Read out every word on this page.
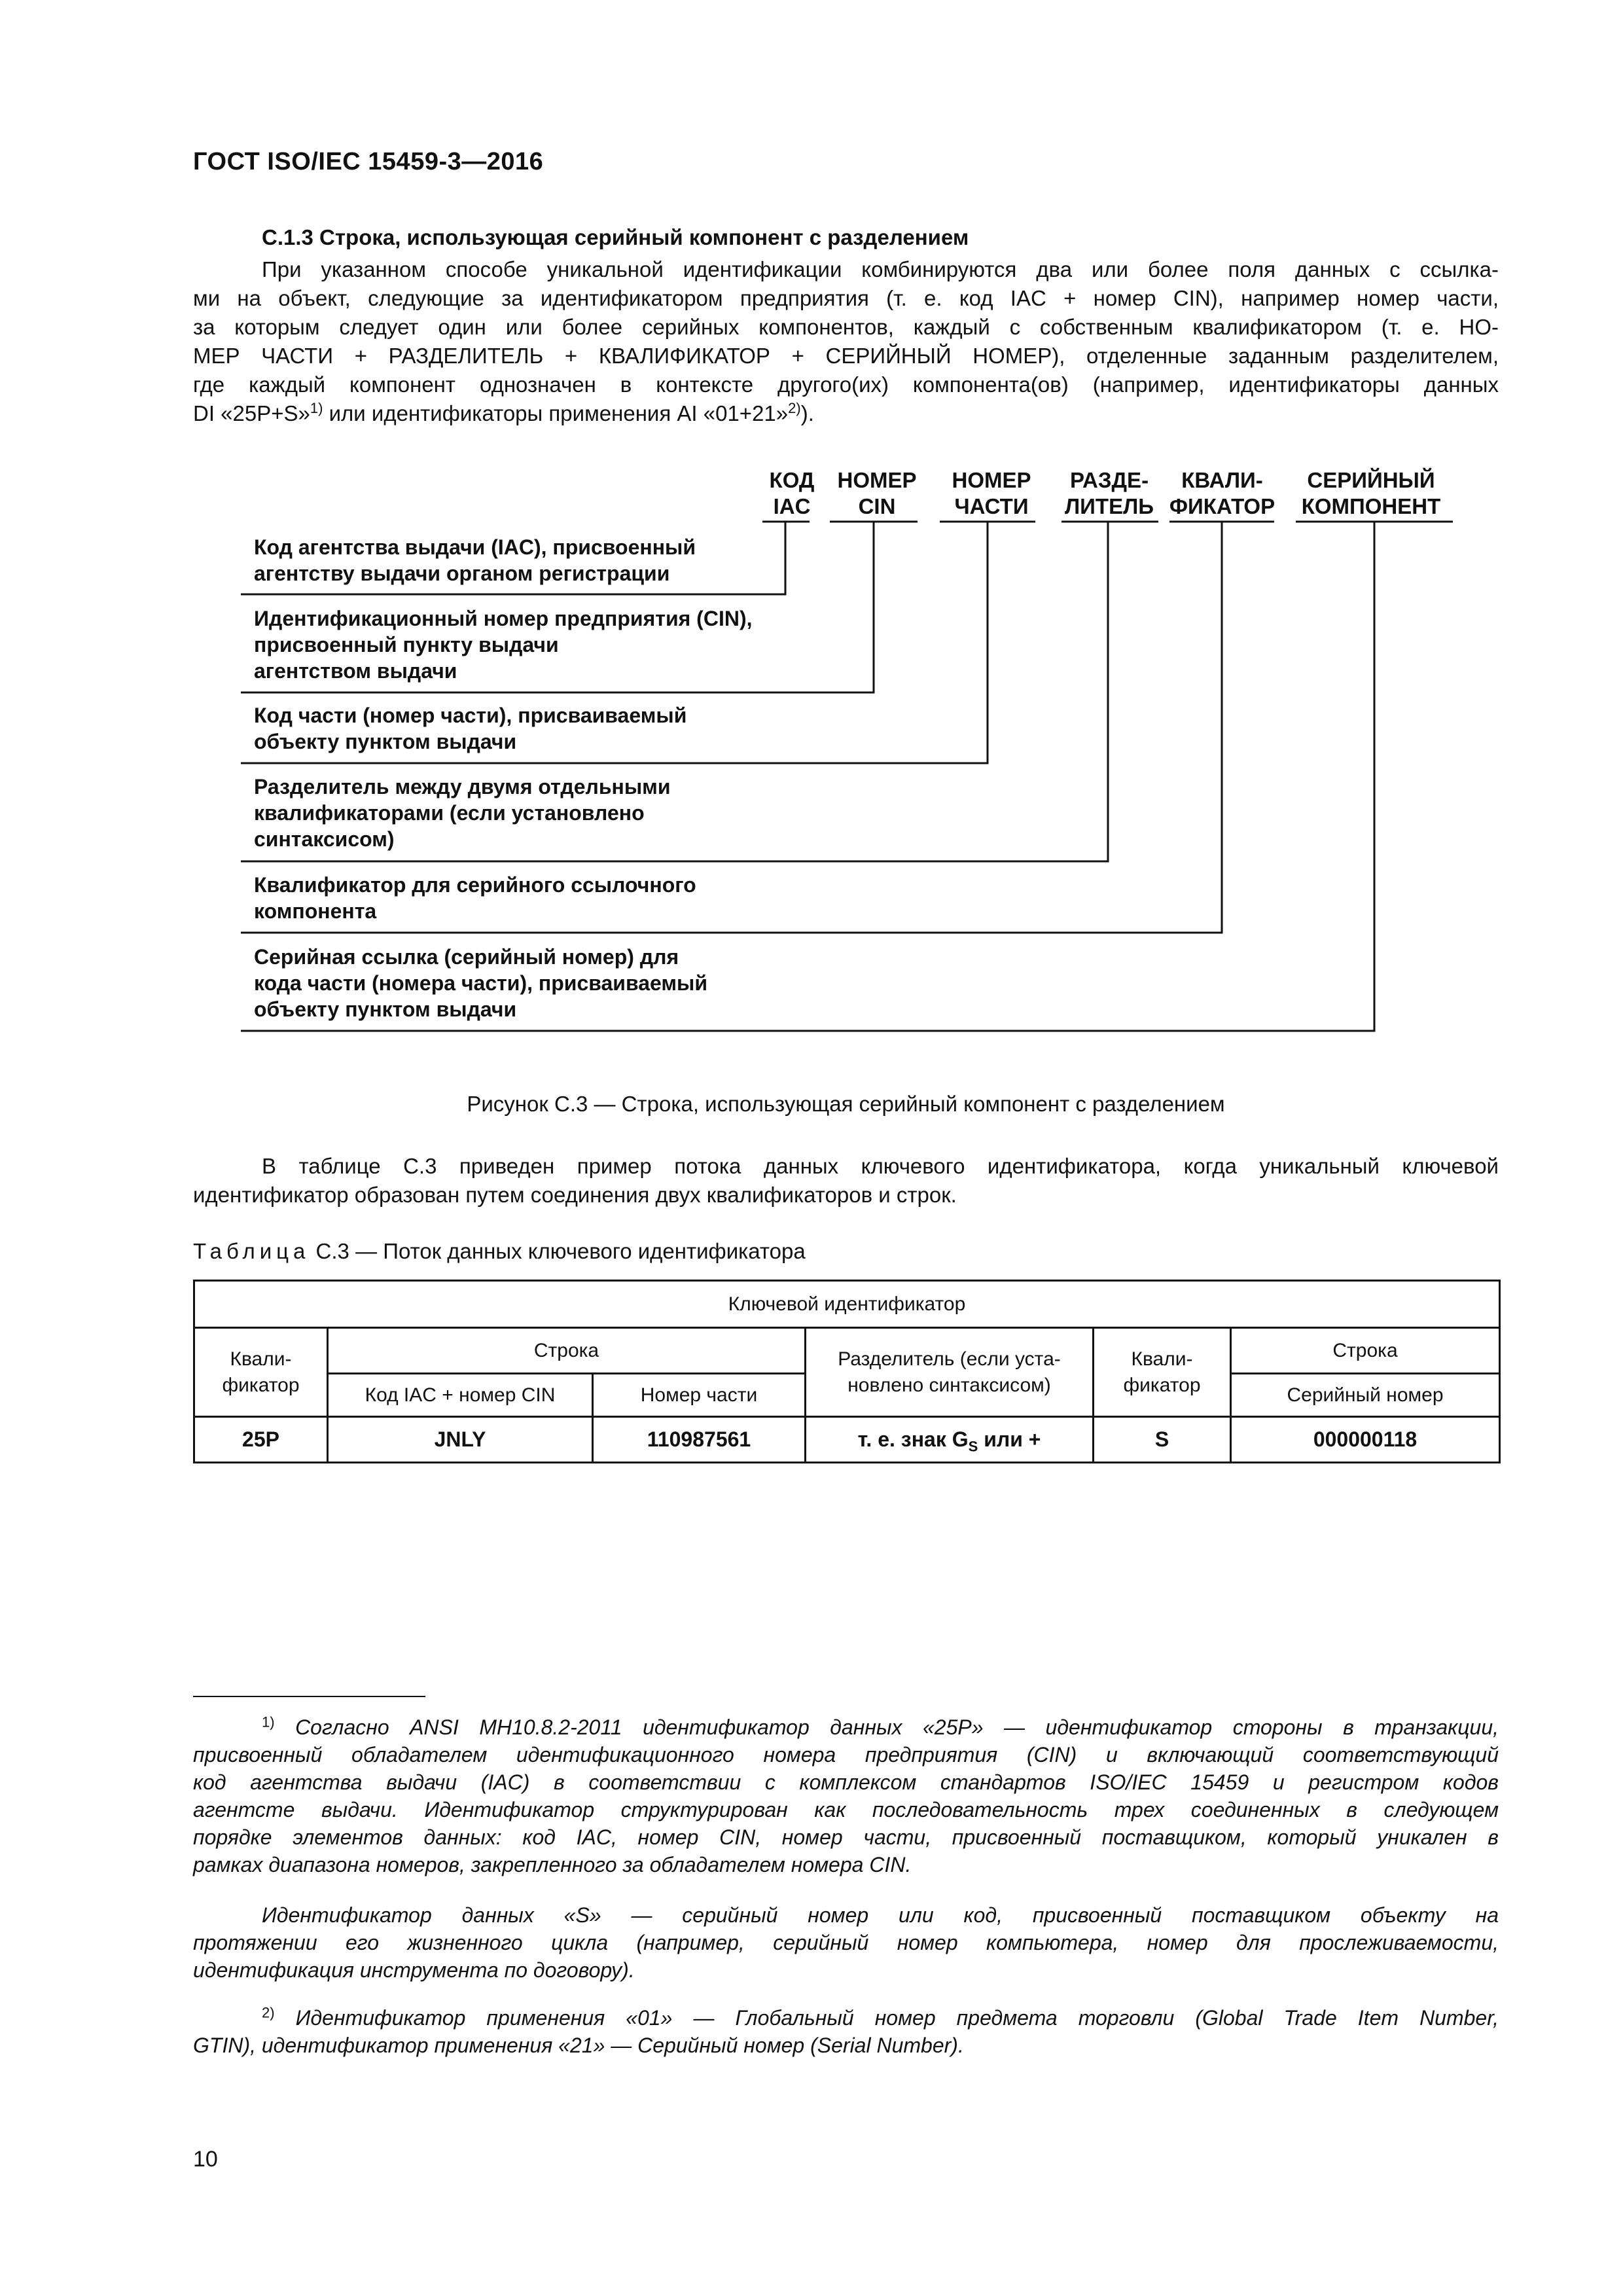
ГОСТ ISO/IEC 15459-3—2016
С.1.3 Строка, использующая серийный компонент с разделением
При указанном способе уникальной идентификации комбинируются два или более поля данных с ссылка-
ми на объект, следующие за идентификатором предприятия (т. е. код IAC + номер CIN), например номер части,
за которым следует один или более серийных компонентов, каждый с собственным квалификатором (т. е. НО-
МЕР ЧАСТИ + РАЗДЕЛИТЕЛЬ + КВАЛИФИКАТОР + СЕРИЙНЫЙ НОМЕР), отделенные заданным разделителем,
где каждый компонент однозначен в контексте другого(их) компонента(ов) (например, идентификаторы данных
DI «25P+S»$^{1)}$ или идентификаторы применения AI «01+21»$^{2)}$).
КОД
IAC
НОМЕР
CIN
НОМЕР
ЧАСТИ
РАЗДЕ-
ЛИТЕЛЬ
КВАЛИ-
ФИКАТОР
СЕРИЙНЫЙ
КОМПОНЕНТ
Код агентства выдачи (IAC), присвоенный
агентству выдачи органом регистрации
Идентификационный номер предприятия (CIN),
присвоенный пункту выдачи
агентством выдачи
Код части (номер части), присваиваемый
объекту пунктом выдачи
Разделитель между двумя отдельными
квалификаторами (если установлено
синтаксисом)
Квалификатор для серийного ссылочного
компонента
Серийная ссылка (серийный номер) для
кода части (номера части), присваиваемый
объекту пунктом выдачи
Рисунок С.3 — Строка, использующая серийный компонент с разделением
В таблице С.3 приведен пример потока данных ключевого идентификатора, когда уникальный ключевой
идентификатор образован путем соединения двух квалификаторов и строк.
Таблица С.3 — Поток данных ключевого идентификатора
Ключевой идентификатор					
Квали-фикатор	Строка		Разделитель (если уста-новлено синтаксисом)	Квали-фикатор	Строка
	Код IAC + номер CIN	Номер части			Серийный номер
25P	JNLY	110987561	т. е. знак $G_S$ или +	S	000000118
$^{1)}$ Согласно ANSI MH10.8.2-2011 идентификатор данных «25P» — идентификатор стороны в транзакции,
присвоенный обладателем идентификационного номера предприятия (CIN) и включающий соответствующий
код агентства выдачи (IAC) в соответствии с комплексом стандартов ISO/IEC 15459 и регистром кодов
агентсте выдачи. Идентификатор структурирован как последовательность трех соединенных в следующем
порядке элементов данных: код IAC, номер CIN, номер части, присвоенный поставщиком, который уникален в
рамках диапазона номеров, закрепленного за обладателем номера CIN.
Идентификатор данных «S» — серийный номер или код, присвоенный поставщиком объекту на
протяжении его жизненного цикла (например, серийный номер компьютера, номер для прослеживаемости,
идентификация инструмента по договору).
$^{2)}$ Идентификатор применения «01» — Глобальный номер предмета торговли (Global Trade Item Number,
GTIN), идентификатор применения «21» — Серийный номер (Serial Number).
10
